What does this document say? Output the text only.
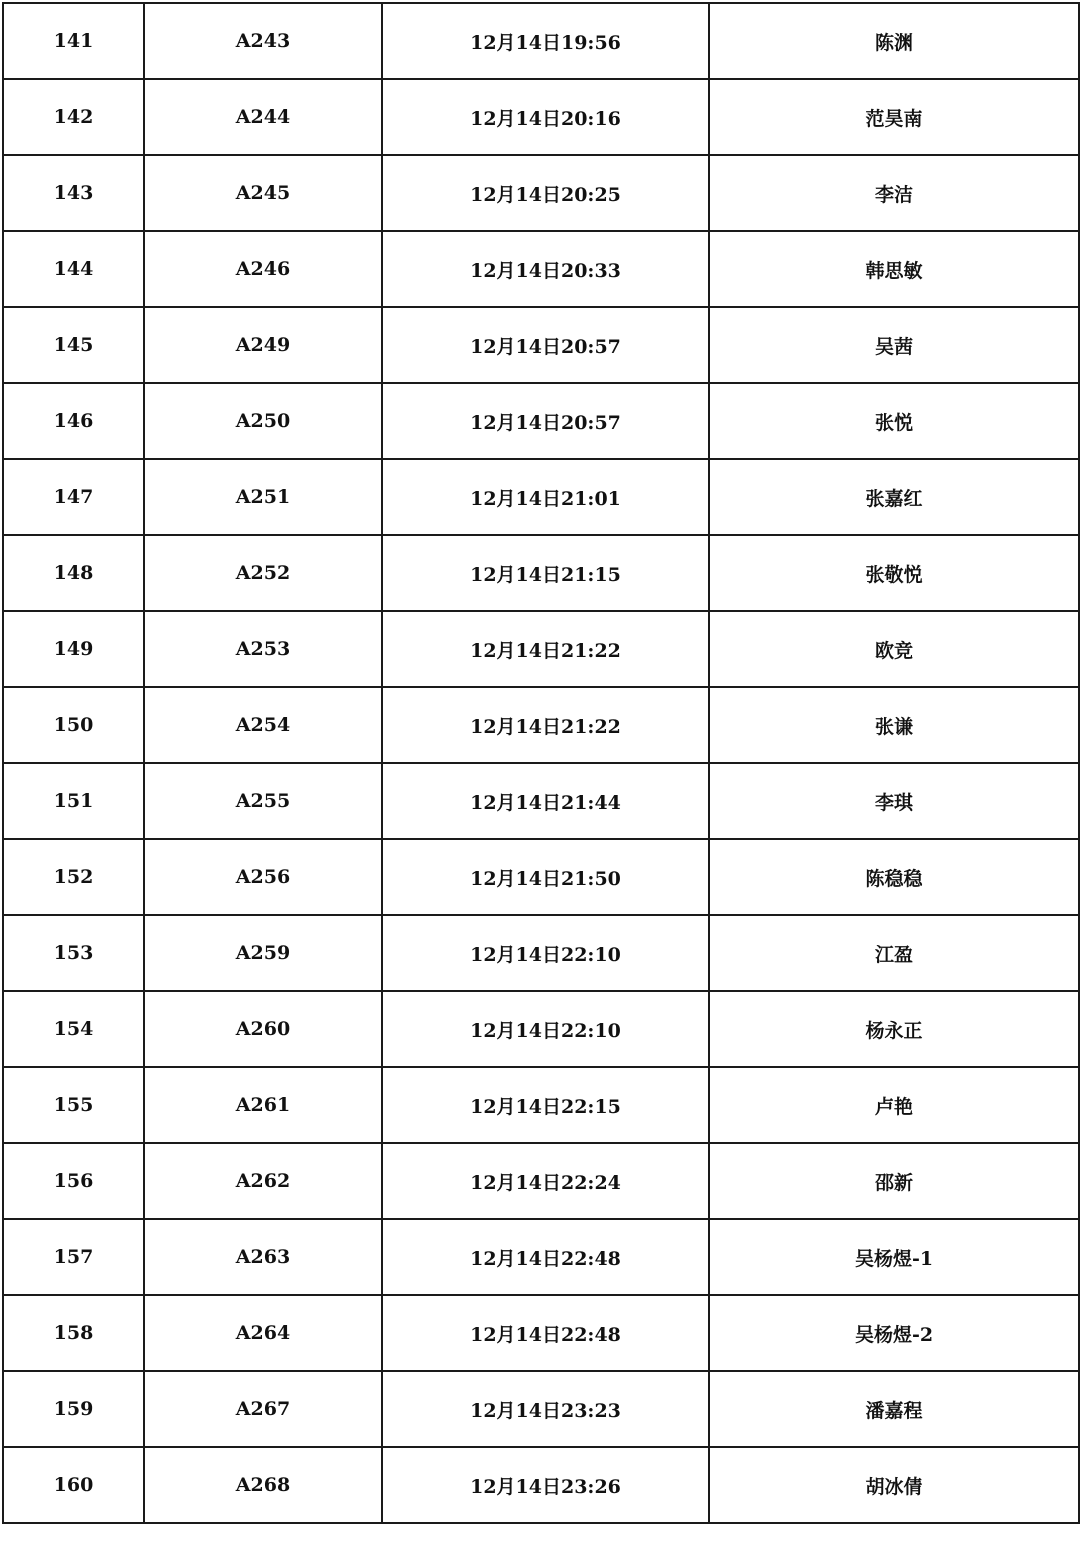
141	A243	12月14日19:56	陈渊
142	A244	12月14日20:16	范昊南
143	A245	12月14日20:25	李洁
144	A246	12月14日20:33	韩思敏
145	A249	12月14日20:57	吴茜
146	A250	12月14日20:57	张悦
147	A251	12月14日21:01	张嘉红
148	A252	12月14日21:15	张敬悦
149	A253	12月14日21:22	欧竞
150	A254	12月14日21:22	张谦
151	A255	12月14日21:44	李琪
152	A256	12月14日21:50	陈稳稳
153	A259	12月14日22:10	江盈
154	A260	12月14日22:10	杨永正
155	A261	12月14日22:15	卢艳
156	A262	12月14日22:24	邵新
157	A263	12月14日22:48	吴杨煜-1
158	A264	12月14日22:48	吴杨煜-2
159	A267	12月14日23:23	潘嘉程
160	A268	12月14日23:26	胡冰倩
